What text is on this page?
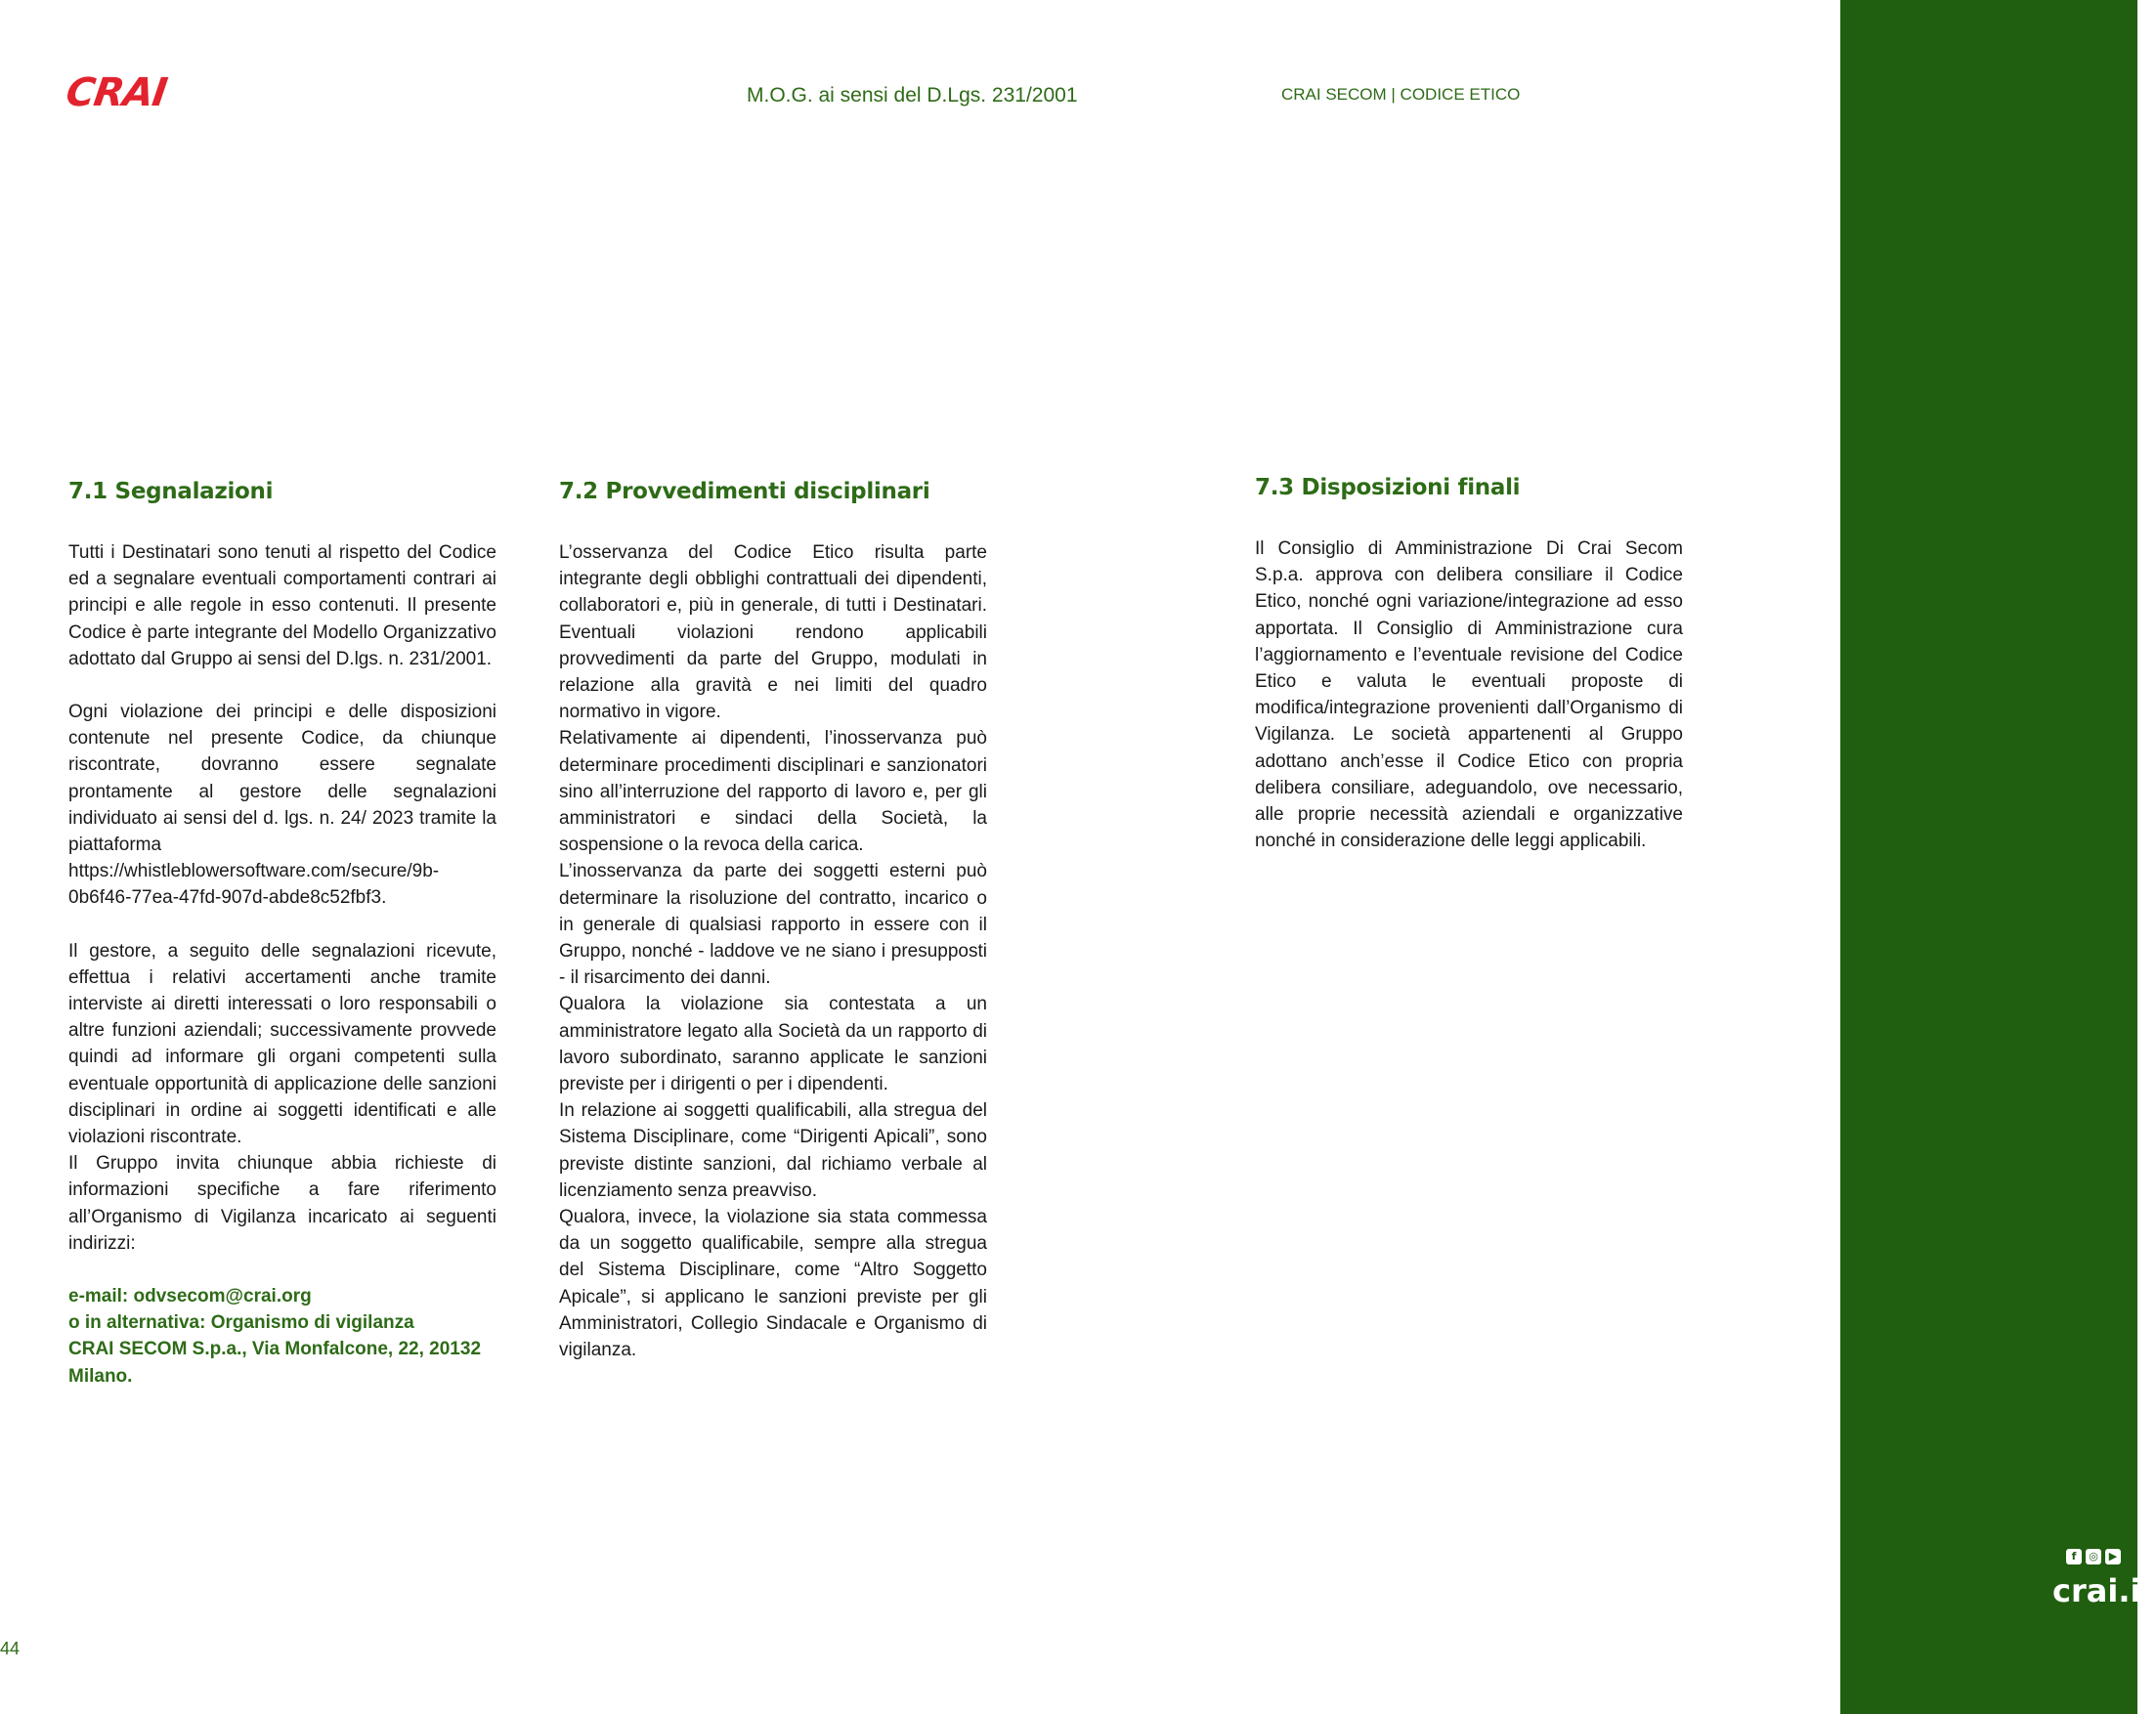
CRAI	M.O.G. ai sensi del D.Lgs. 231/2001	CRAI SECOM | CODICE ETICO
7.1 Segnalazioni

Tutti i Destinatari sono tenuti al rispetto del Codice ed a segnalare eventuali comportamenti contrari ai principi e alle regole in esso contenuti. Il presente Codice è parte integrante del Modello Organizzativo adottato dal Gruppo ai sensi del D.lgs. n. 231/2001.

Ogni violazione dei principi e delle disposizioni contenute nel presente Codice, da chiunque riscontrate, dovranno essere segnalate prontamente al gestore delle segnalazioni individuato ai sensi del d. lgs. n. 24/ 2023 tramite la piattaforma https://whistleblowersoftware.com/secure/9b-0b6f46-77ea-47fd-907d-abde8c52fbf3.

Il gestore, a seguito delle segnalazioni ricevute, effettua i relativi accertamenti anche tramite interviste ai diretti interessati o loro responsabili o altre funzioni aziendali; successivamente provvede quindi ad informare gli organi competenti sulla eventuale opportunità di applicazione delle sanzioni disciplinari in ordine ai soggetti identificati e alle violazioni riscontrate.

Il Gruppo invita chiunque abbia richieste di informazioni specifiche a fare riferimento all’Organismo di Vigilanza incaricato ai seguenti indirizzi:

e-mail: odvsecom@crai.org

o in alternativa: Organismo di vigilanza

CRAI SECOM S.p.a., Via Monfalcone, 22, 20132 Milano.

7.2 Provvedimenti disciplinari

L’osservanza del Codice Etico risulta parte integrante degli obblighi contrattuali dei dipendenti, collaboratori e, più in generale, di tutti i Destinatari. Eventuali violazioni rendono applicabili provvedimenti da parte del Gruppo, modulati in relazione alla gravità e nei limiti del quadro normativo in vigore.

Relativamente ai dipendenti, l’inosservanza può determinare procedimenti disciplinari e sanzionatori sino all’interruzione del rapporto di lavoro e, per gli amministratori e sindaci della Società, la sospensione o la revoca della carica.

L’inosservanza da parte dei soggetti esterni può determinare la risoluzione del contratto, incarico o in generale di qualsiasi rapporto in essere con il Gruppo, nonché - laddove ve ne siano i presupposti - il risarcimento dei danni.

Qualora la violazione sia contestata a un amministratore legato alla Società da un rapporto di lavoro subordinato, saranno applicate le sanzioni previste per i dirigenti o per i dipendenti.

In relazione ai soggetti qualificabili, alla stregua del Sistema Disciplinare, come “Dirigenti Apicali”, sono previste distinte sanzioni, dal richiamo verbale al licenziamento senza preavviso.

Qualora, invece, la violazione sia stata commessa da un soggetto qualificabile, sempre alla stregua del Sistema Disciplinare, come “Altro Soggetto Apicale”, si applicano le sanzioni previste per gli Amministratori, Collegio Sindacale e Organismo di vigilanza.

7.3 Disposizioni finali

Il Consiglio di Amministrazione Di Crai Secom S.p.a. approva con delibera consiliare il Codice Etico, nonché ogni variazione/integrazione ad esso apportata. Il Consiglio di Amministrazione cura l’aggiornamento e l’eventuale revisione del Codice Etico e valuta le eventuali proposte di modifica/integrazione provenienti dall’Organismo di Vigilanza. Le società appartenenti al Gruppo adottano anch’esse il Codice Etico con propria delibera consiliare, adeguandolo, ove necessario, alle proprie necessità aziendali e organizzative nonché in considerazione delle leggi applicabili.

f	◎ ▶
crai.it
44
